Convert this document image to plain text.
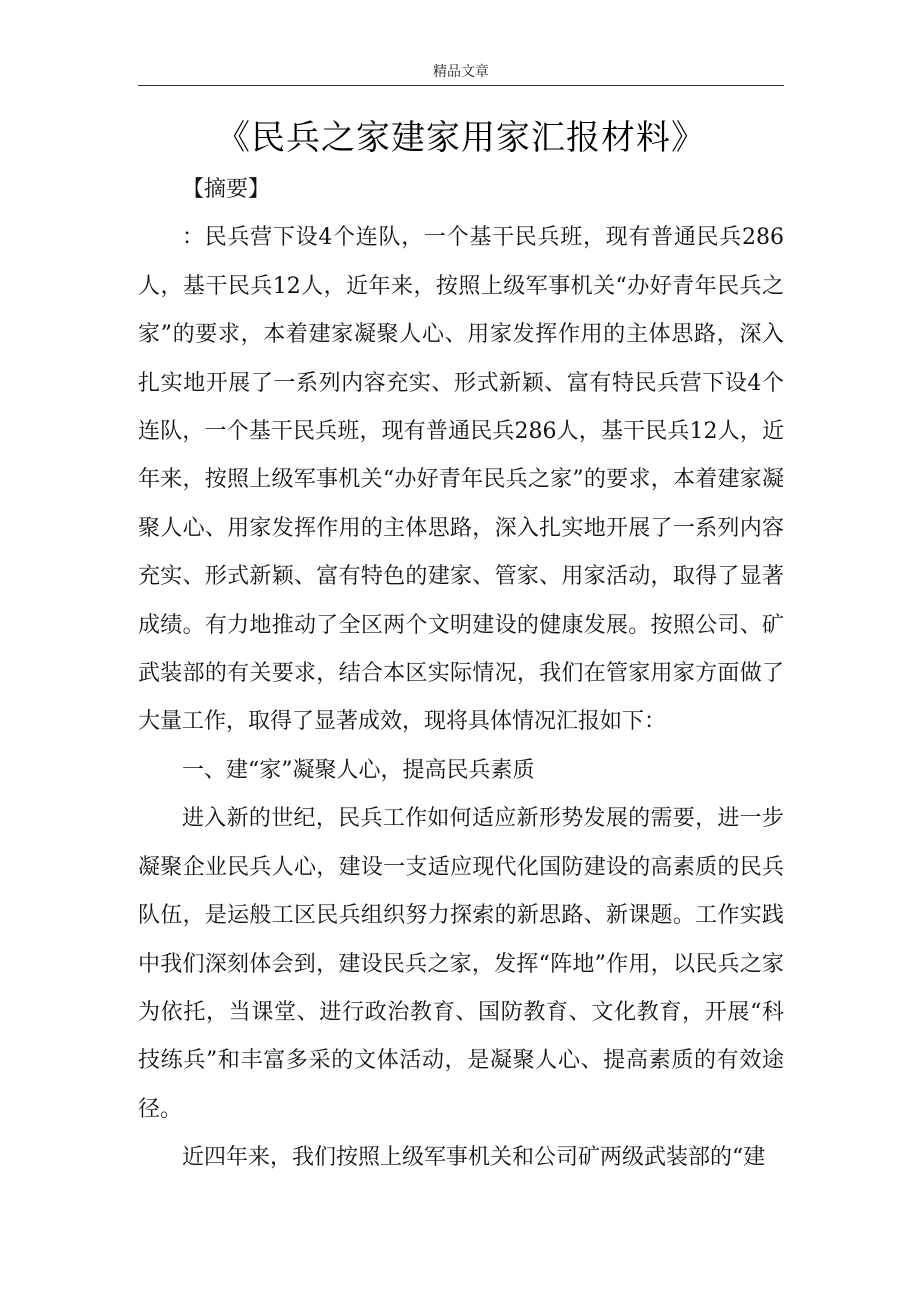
精品文章
《民兵之家建家用家汇报材料》

【摘要】

：民兵营下设4个连队，一个基干民兵班，现有普通民兵286人，基干民兵12人，近年来，按照上级军事机关“办好青年民兵之家”的要求，本着建家凝聚人心、用家发挥作用的主体思路，深入扎实地开展了一系列内容充实、形式新颖、富有特民兵营下设4个连队，一个基干民兵班，现有普通民兵286人，基干民兵12人，近年来，按照上级军事机关“办好青年民兵之家”的要求，本着建家凝聚人心、用家发挥作用的主体思路，深入扎实地开展了一系列内容充实、形式新颖、富有特色的建家、管家、用家活动，取得了显著成绩。有力地推动了全区两个文明建设的健康发展。按照公司、矿武装部的有关要求，结合本区实际情况，我们在管家用家方面做了大量工作，取得了显著成效，现将具体情况汇报如下：

一、建“家”凝聚人心，提高民兵素质

进入新的世纪，民兵工作如何适应新形势发展的需要，进一步凝聚企业民兵人心，建设一支适应现代化国防建设的高素质的民兵队伍，是运般工区民兵组织努力探索的新思路、新课题。工作实践中我们深刻体会到，建设民兵之家，发挥“阵地”作用，以民兵之家为依托，当课堂、进行政治教育、国防教育、文化教育，开展“科技练兵”和丰富多采的文体活动，是凝聚人心、提高素质的有效途径。

近四年来，我们按照上级军事机关和公司矿两级武装部的“建
